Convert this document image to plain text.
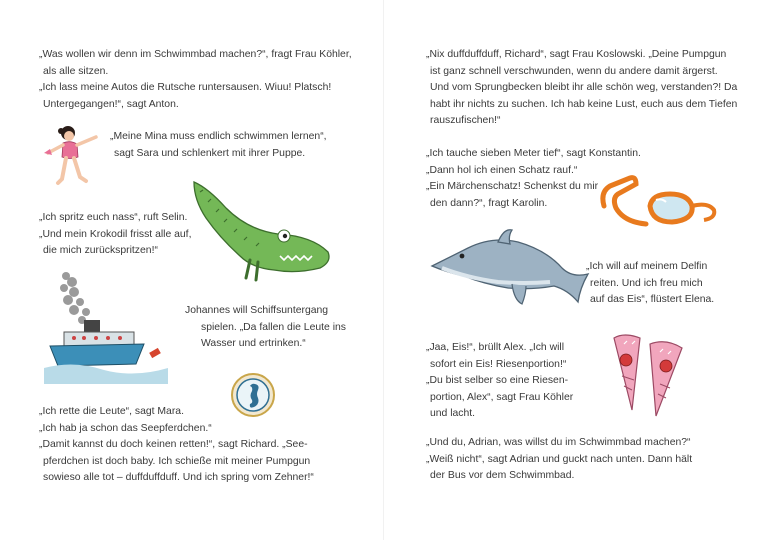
„Was wollen wir denn im Schwimmbad machen?“, fragt Frau Köhler,
als alle sitzen.
„Ich lass meine Autos die Rutsche runtersausen. Wiuu! Platsch!
Untergegangen!“, sagt Anton.
„Meine Mina muss endlich schwimmen lernen“,
sagt Sara und schlenkert mit ihrer Puppe.
„Ich spritz euch nass“, ruft Selin.
„Und mein Krokodil frisst alle auf,
die mich zurückspritzen!“
Johannes will Schiffsuntergang
spielen. „Da fallen die Leute ins
Wasser und ertrinken.“
„Ich rette die Leute“, sagt Mara.
„Ich hab ja schon das Seepferdchen.“
„Damit kannst du doch keinen retten!“, sagt Richard. „See-
pferdchen ist doch baby. Ich schieße mit meiner Pumpgun
sowieso alle tot – duffduffduff. Und ich spring vom Zehner!“
„Nix duffduffduff, Richard“, sagt Frau Koslowski. „Deine Pumpgun
ist ganz schnell verschwunden, wenn du andere damit ärgerst.
Und vom Sprungbecken bleibt ihr alle schön weg, verstanden?! Da
habt ihr nichts zu suchen. Ich hab keine Lust, euch aus dem Tiefen
rauszufischen!“
„Ich tauche sieben Meter tief“, sagt Konstantin.
„Dann hol ich einen Schatz rauf.“
„Ein Märchenschatz! Schenkst du mir
den dann?“, fragt Karolin.
„Ich will auf meinem Delfin
reiten. Und ich freu mich
auf das Eis“, flüstert Elena.
„Jaa, Eis!“, brüllt Alex. „Ich will
sofort ein Eis! Riesenportion!“
„Du bist selber so eine Riesen-
portion, Alex“, sagt Frau Köhler
und lacht.
„Und du, Adrian, was willst du im Schwimmbad machen?“
„Weiß nicht“, sagt Adrian und guckt nach unten. Dann hält
der Bus vor dem Schwimmbad.
